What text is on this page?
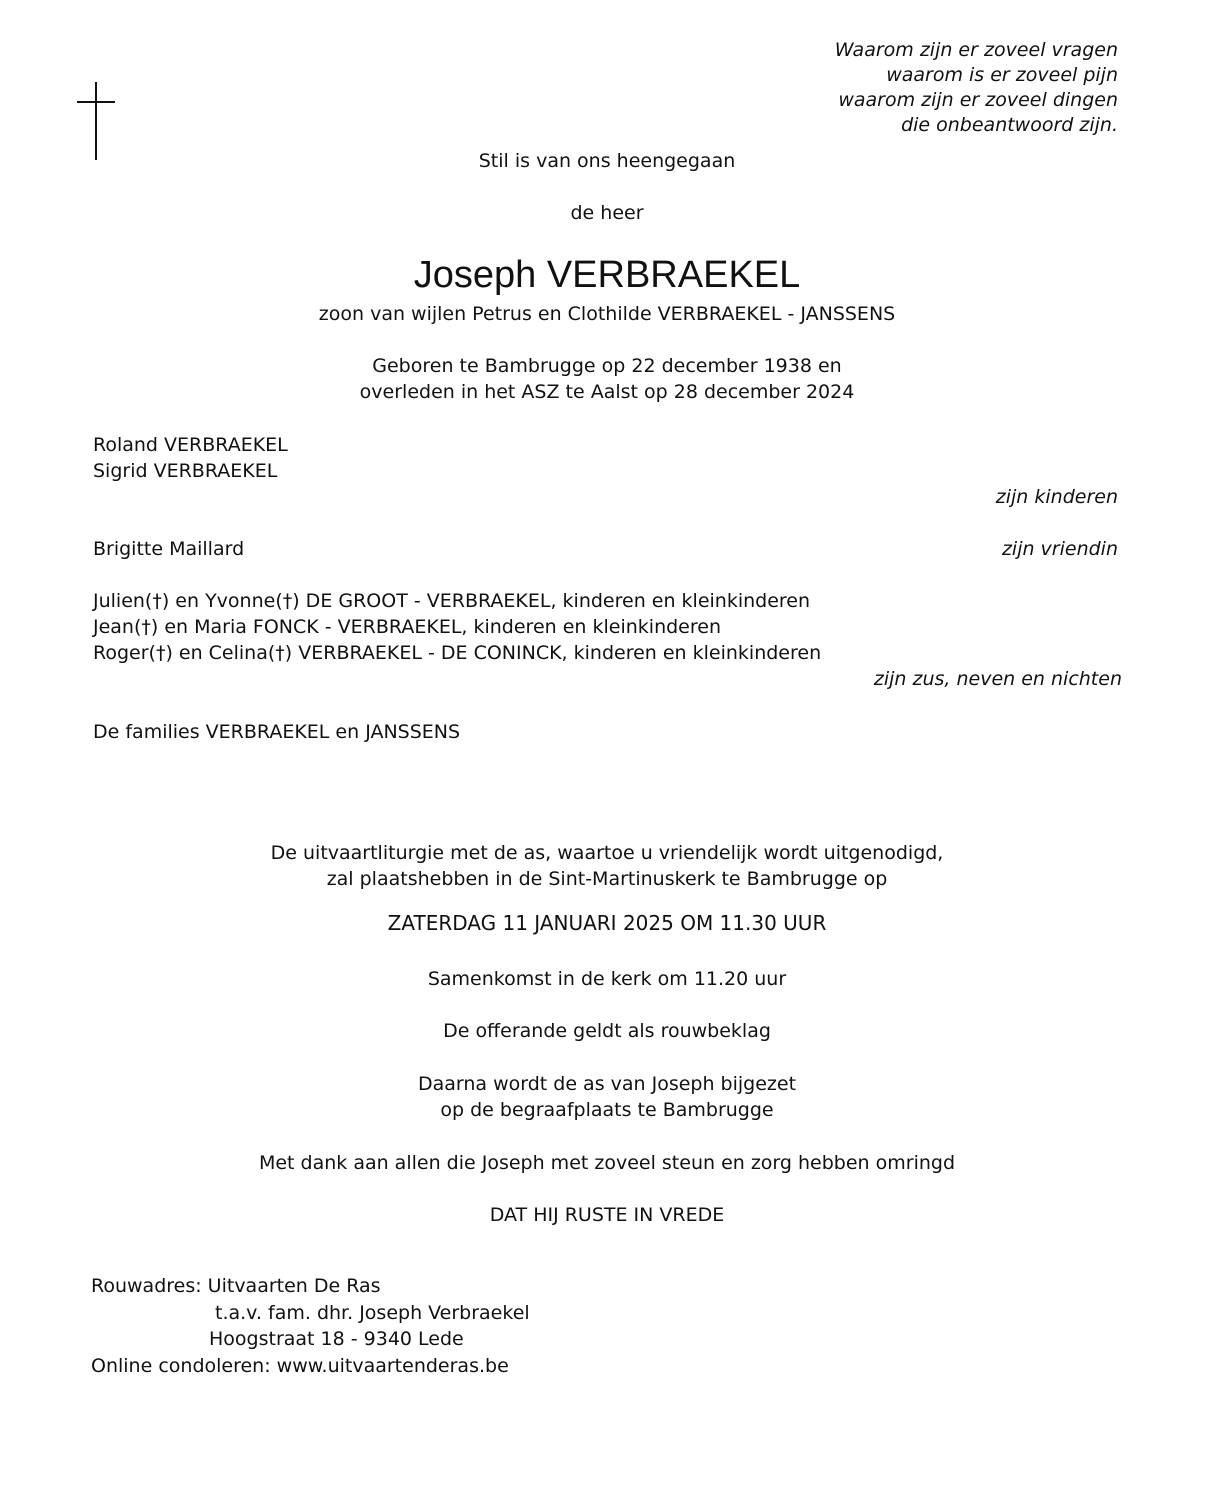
Waarom zijn er zoveel vragen
waarom is er zoveel pijn
waarom zijn er zoveel dingen
die onbeantwoord zijn.
Stil is van ons heengegaan
de heer
Joseph VERBRAEKEL
zoon van wijlen Petrus en Clothilde VERBRAEKEL - JANSSENS
Geboren te Bambrugge op 22 december 1938 en
overleden in het ASZ te Aalst op 28 december 2024
Roland VERBRAEKEL
Sigrid VERBRAEKEL
zijn kinderen
Brigitte Maillard	zijn vriendin
Julien(†) en Yvonne(†) DE GROOT - VERBRAEKEL, kinderen en kleinkinderen
Jean(†) en Maria FONCK - VERBRAEKEL, kinderen en kleinkinderen
Roger(†) en Celina(†) VERBRAEKEL - DE CONINCK, kinderen en kleinkinderen
zijn zus, neven en nichten
De families VERBRAEKEL en JANSSENS
De uitvaartliturgie met de as, waartoe u vriendelijk wordt uitgenodigd,
zal plaatshebben in de Sint-Martinuskerk te Bambrugge op
ZATERDAG 11 JANUARI 2025 OM 11.30 UUR
Samenkomst in de kerk om 11.20 uur
De offerande geldt als rouwbeklag
Daarna wordt de as van Joseph bijgezet
op de begraafplaats te Bambrugge
Met dank aan allen die Joseph met zoveel steun en zorg hebben omringd
DAT HIJ RUSTE IN VREDE
Rouwadres: Uitvaarten De Ras
t.a.v. fam. dhr. Joseph Verbraekel
Hoogstraat 18 - 9340 Lede
Online condoleren: www.uitvaartenderas.be
